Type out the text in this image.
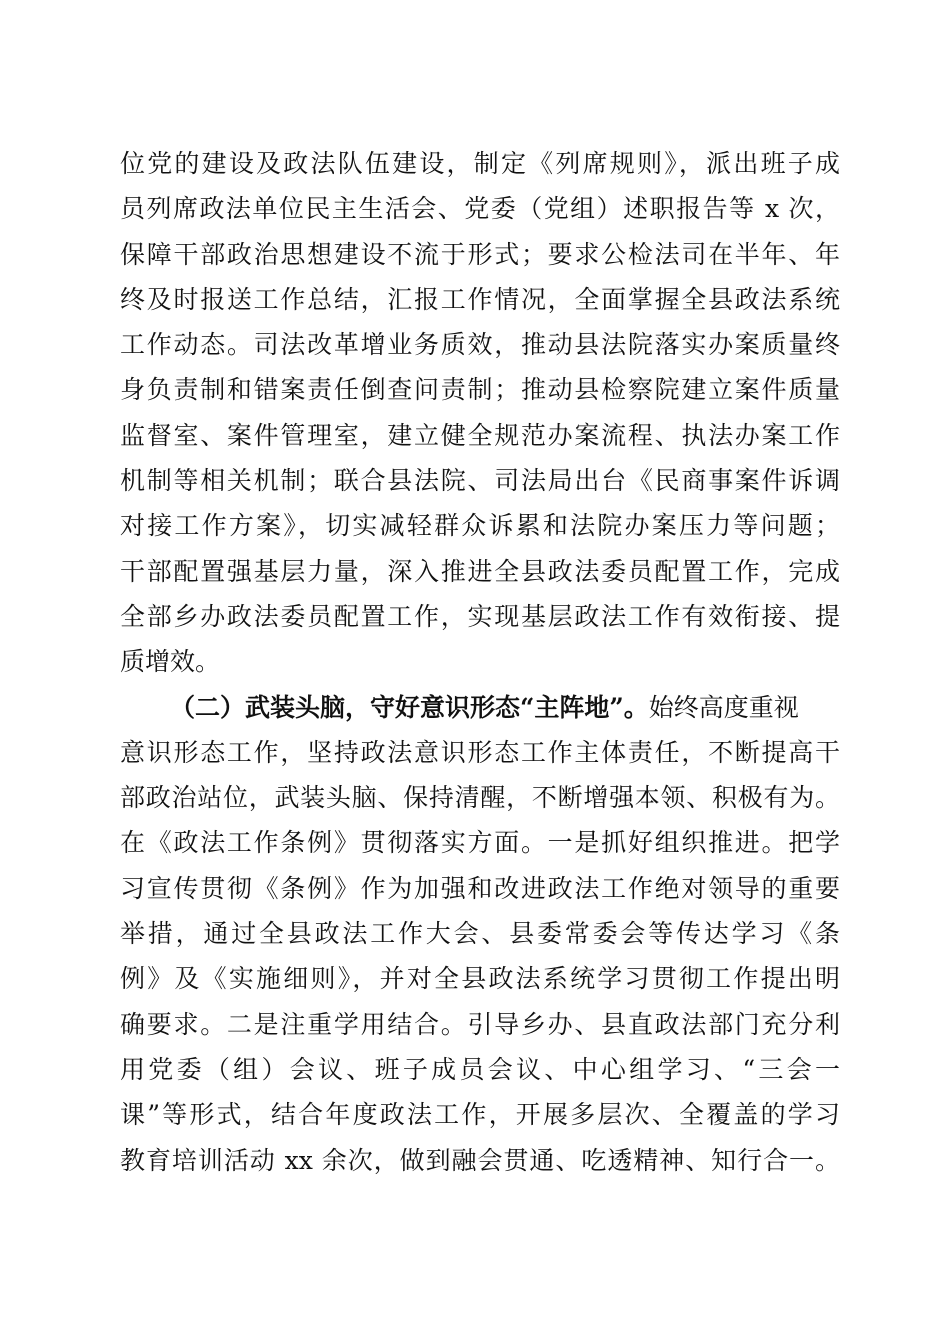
位党的建设及政法队伍建设，制定《列席规则》，派出班子成
员列席政法单位民主生活会、党委（党组）述职报告等 x 次，
保障干部政治思想建设不流于形式；要求公检法司在半年、年
终及时报送工作总结，汇报工作情况，全面掌握全县政法系统
工作动态。司法改革增业务质效，推动县法院落实办案质量终
身负责制和错案责任倒查问责制；推动县检察院建立案件质量
监督室、案件管理室，建立健全规范办案流程、执法办案工作
机制等相关机制；联合县法院、司法局出台《民商事案件诉调
对接工作方案》，切实减轻群众诉累和法院办案压力等问题；
干部配置强基层力量，深入推进全县政法委员配置工作，完成
全部乡办政法委员配置工作，实现基层政法工作有效衔接、提
质增效。
（二）武装头脑，守好意识形态“主阵地”。始终高度重视
意识形态工作，坚持政法意识形态工作主体责任，不断提高干
部政治站位，武装头脑、保持清醒，不断增强本领、积极有为。
在《政法工作条例》贯彻落实方面。一是抓好组织推进。把学
习宣传贯彻《条例》作为加强和改进政法工作绝对领导的重要
举措，通过全县政法工作大会、县委常委会等传达学习《条
例》及《实施细则》，并对全县政法系统学习贯彻工作提出明
确要求。二是注重学用结合。引导乡办、县直政法部门充分利
用党委（组）会议、班子成员会议、中心组学习、“三会一
课”等形式，结合年度政法工作，开展多层次、全覆盖的学习
教育培训活动 xx 余次，做到融会贯通、吃透精神、知行合一。
